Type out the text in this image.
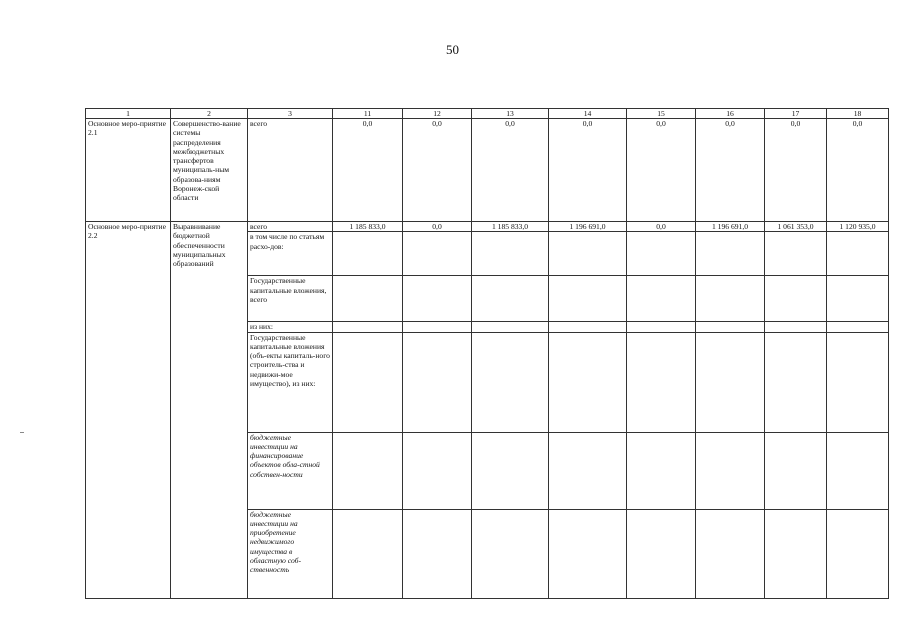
50
1	2	3	11	12	13	14	15	16	17	18
Основное меро-приятие 2.1	Совершенство-вание системы распределения межбюджетных трансфертов муниципаль-ным образова-ниям Воронеж-ской области	всего	0,0	0,0	0,0	0,0	0,0	0,0	0,0	0,0
Основное меро-приятие 2.2	Выравнивание бюджетной обеспеченности муниципальных образований	всего	1 185 833,0	0,0	1 185 833,0	1 196 691,0	0,0	1 196 691,0	1 061 353,0	1 120 935,0
		в том числе по статьям расхо-дов:								
		Государственные капитальные вложения, всего								
		из них:								
		Государственные капитальные вложения (объ-екты капиталь-ного строитель-ства и недвижи-мое имущество), из них:								
		бюджетные инвестиции на финансирование объектов обла-стной собствен-ности								
		бюджетные инвестиции на приобретение недвижимого имущества в областную соб-ственность								
